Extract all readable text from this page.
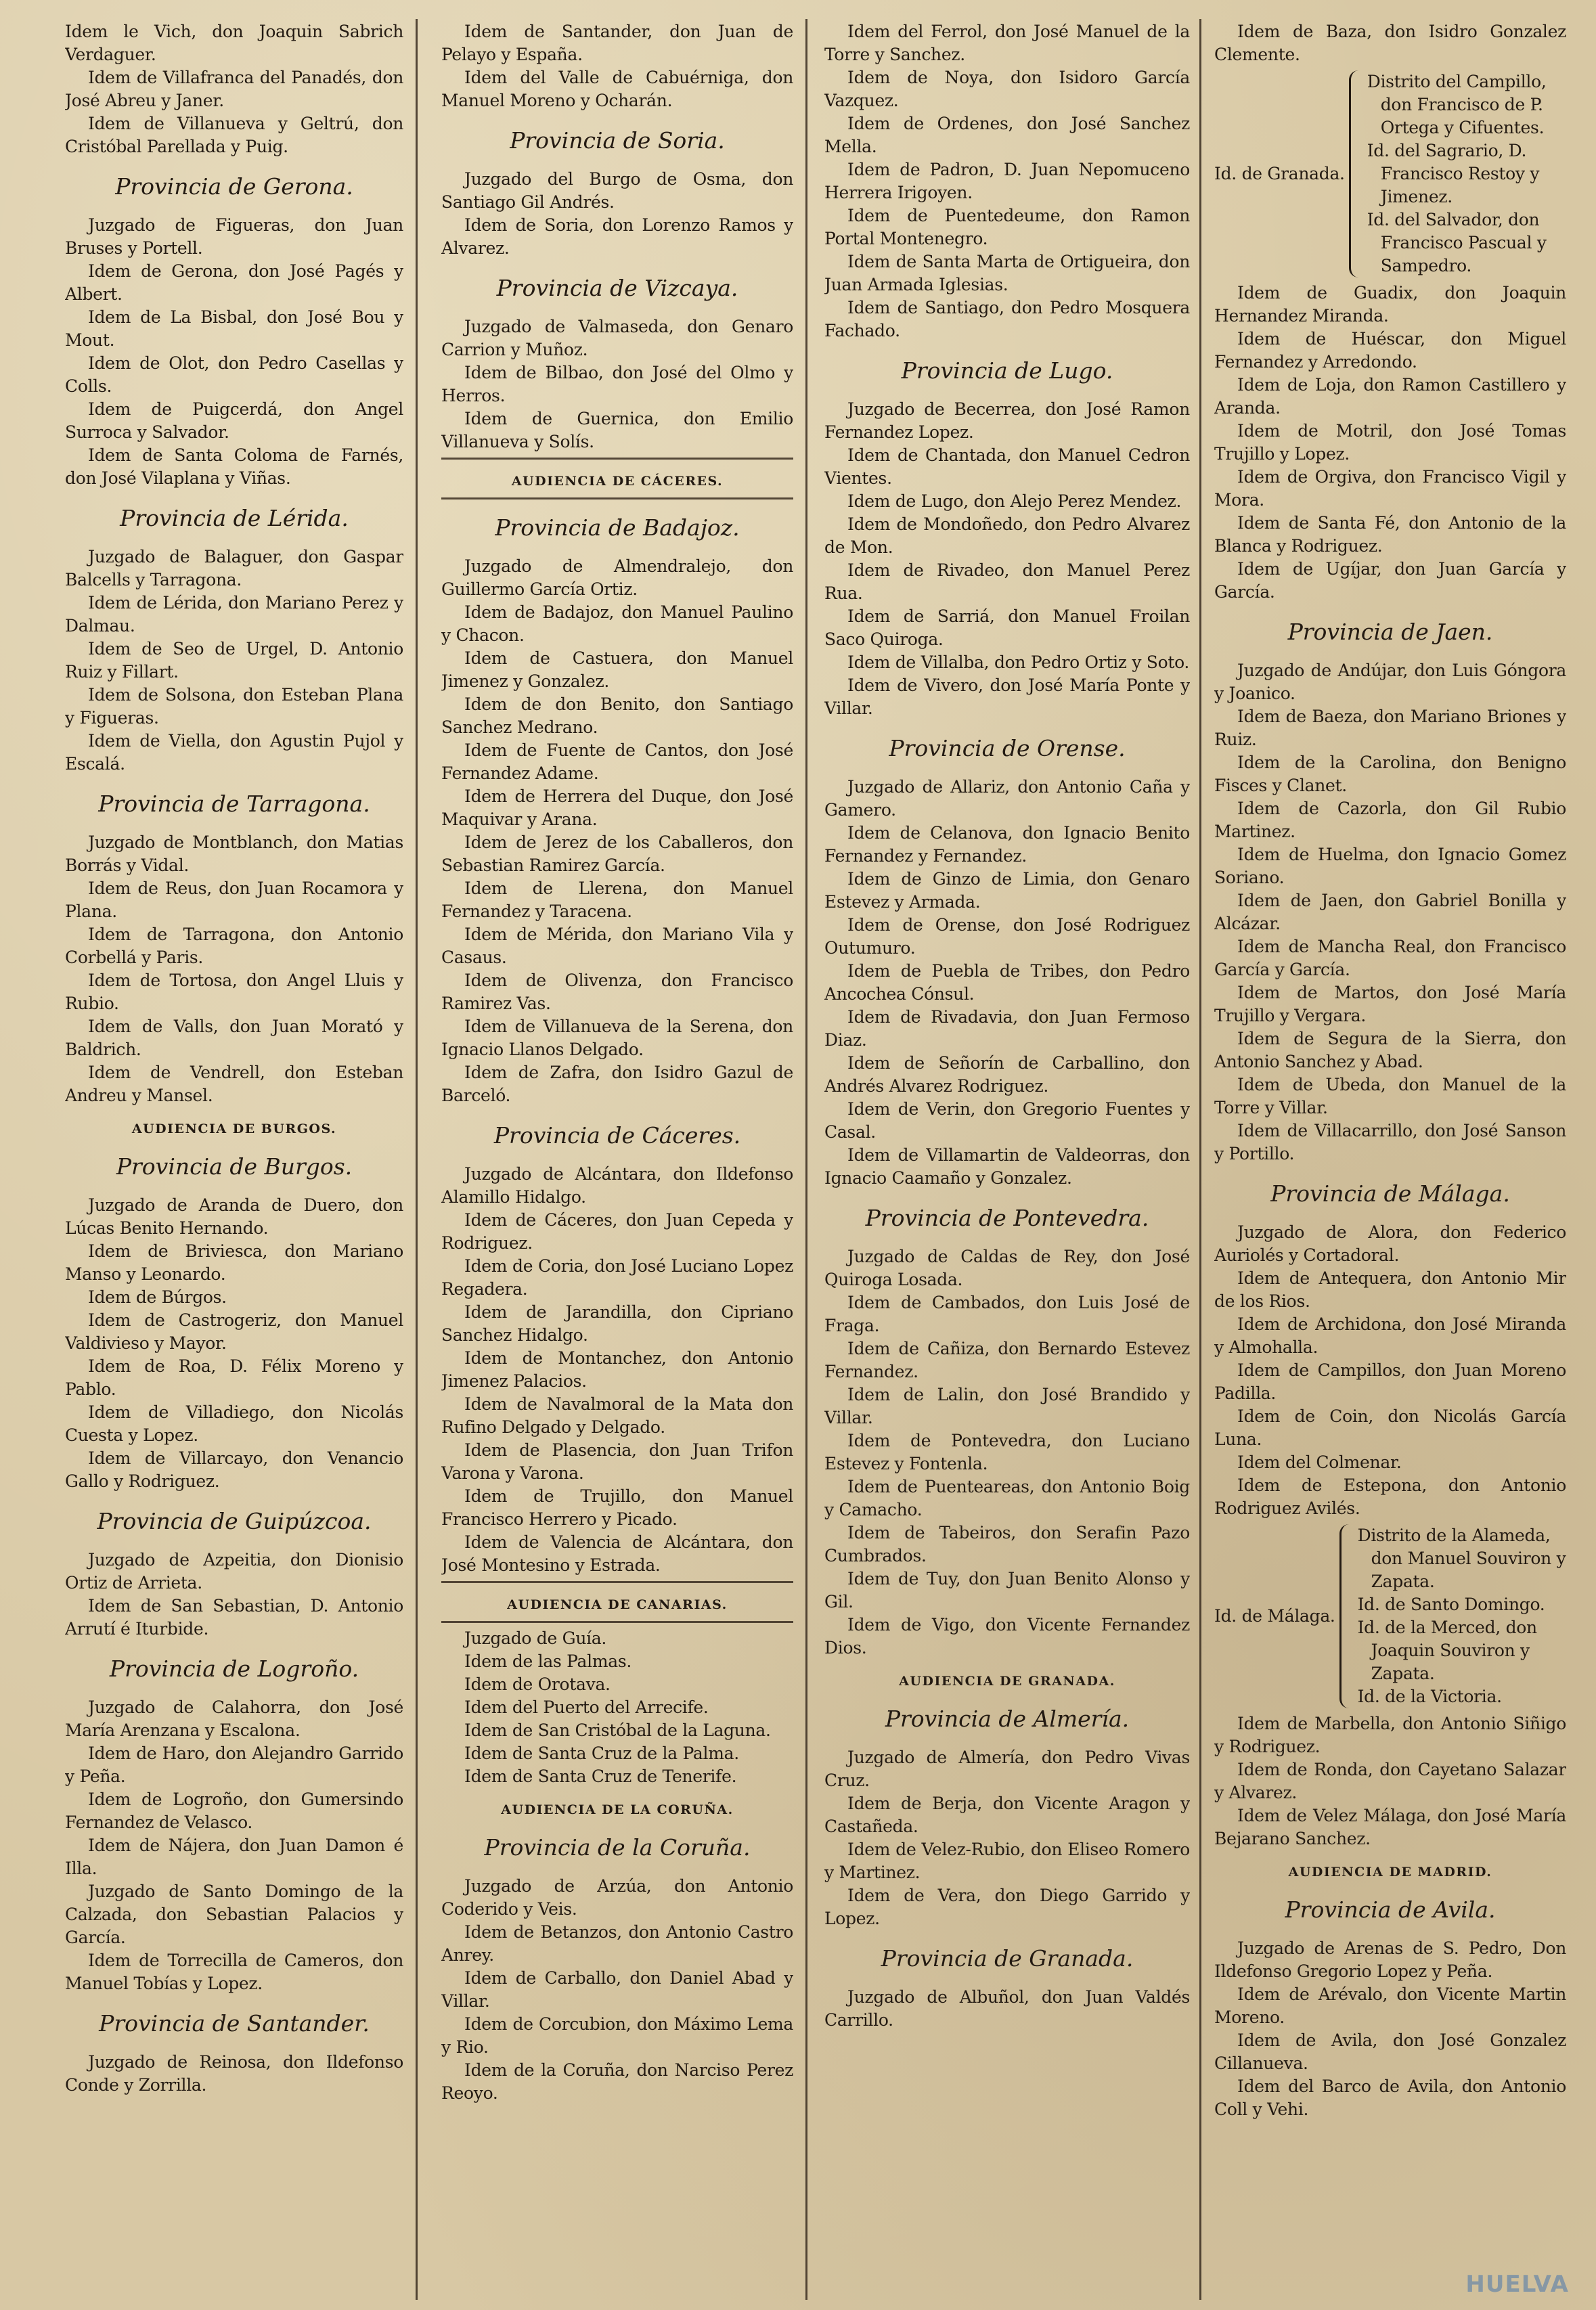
Idem le Vich, don Joaquin Sabrich Verdaguer.

Idem de Villafranca del Panadés, don José Abreu y Janer.

Idem de Villanueva y Geltrú, don Cristóbal Parellada y Puig.

Provincia de Gerona.

Juzgado de Figueras, don Juan Bruses y Portell.

Idem de Gerona, don José Pagés y Albert.

Idem de La Bisbal, don José Bou y Mout.

Idem de Olot, don Pedro Casellas y Colls.

Idem de Puigcerdá, don Angel Surroca y Salvador.

Idem de Santa Coloma de Farnés, don José Vilaplana y Viñas.

Provincia de Lérida.

Juzgado de Balaguer, don Gaspar Balcells y Tarragona.

Idem de Lérida, don Mariano Perez y Dalmau.

Idem de Seo de Urgel, D. Antonio Ruiz y Fillart.

Idem de Solsona, don Esteban Plana y Figueras.

Idem de Viella, don Agustin Pujol y Escalá.

Provincia de Tarragona.

Juzgado de Montblanch, don Matias Borrás y Vidal.

Idem de Reus, don Juan Rocamora y Plana.

Idem de Tarragona, don Antonio Corbellá y Paris.

Idem de Tortosa, don Angel Lluis y Rubio.

Idem de Valls, don Juan Morató y Baldrich.

Idem de Vendrell, don Esteban Andreu y Mansel.

AUDIENCIA DE BURGOS.
Provincia de Burgos.

Juzgado de Aranda de Duero, don Lúcas Benito Hernando.

Idem de Briviesca, don Mariano Manso y Leonardo.

Idem de Búrgos.

Idem de Castrogeriz, don Manuel Valdivieso y Mayor.

Idem de Roa, D. Félix Moreno y Pablo.

Idem de Villadiego, don Nicolás Cuesta y Lopez.

Idem de Villarcayo, don Venancio Gallo y Rodriguez.

Provincia de Guipúzcoa.

Juzgado de Azpeitia, don Dionisio Ortiz de Arrieta.

Idem de San Sebastian, D. Antonio Arrutí é Iturbide.

Provincia de Logroño.

Juzgado de Calahorra, don José María Arenzana y Escalona.

Idem de Haro, don Alejandro Garrido y Peña.

Idem de Logroño, don Gumersindo Fernandez de Velasco.

Idem de Nájera, don Juan Damon é Illa.

Juzgado de Santo Domingo de la Calzada, don Sebastian Palacios y García.

Idem de Torrecilla de Cameros, don Manuel Tobías y Lopez.

Provincia de Santander.

Juzgado de Reinosa, don Ildefonso Conde y Zorrilla.

Idem de Santander, don Juan de Pelayo y España.

Idem del Valle de Cabuérniga, don Manuel Moreno y Ocharán.

Provincia de Soria.

Juzgado del Burgo de Osma, don Santiago Gil Andrés.

Idem de Soria, don Lorenzo Ramos y Alvarez.

Provincia de Vizcaya.

Juzgado de Valmaseda, don Genaro Carrion y Muñoz.

Idem de Bilbao, don José del Olmo y Herros.

Idem de Guernica, don Emilio Villanueva y Solís.

AUDIENCIA DE CÁCERES.
Provincia de Badajoz.

Juzgado de Almendralejo, don Guillermo García Ortiz.

Idem de Badajoz, don Manuel Paulino y Chacon.

Idem de Castuera, don Manuel Jimenez y Gonzalez.

Idem de don Benito, don Santiago Sanchez Medrano.

Idem de Fuente de Cantos, don José Fernandez Adame.

Idem de Herrera del Duque, don José Maquivar y Arana.

Idem de Jerez de los Caballeros, don Sebastian Ramirez García.

Idem de Llerena, don Manuel Fernandez y Taracena.

Idem de Mérida, don Mariano Vila y Casaus.

Idem de Olivenza, don Francisco Ramirez Vas.

Idem de Villanueva de la Serena, don Ignacio Llanos Delgado.

Idem de Zafra, don Isidro Gazul de Barceló.

Provincia de Cáceres.

Juzgado de Alcántara, don Ildefonso Alamillo Hidalgo.

Idem de Cáceres, don Juan Cepeda y Rodriguez.

Idem de Coria, don José Luciano Lopez Regadera.

Idem de Jarandilla, don Cipriano Sanchez Hidalgo.

Idem de Montanchez, don Antonio Jimenez Palacios.

Idem de Navalmoral de la Mata don Rufino Delgado y Delgado.

Idem de Plasencia, don Juan Trifon Varona y Varona.

Idem de Trujillo, don Manuel Francisco Herrero y Picado.

Idem de Valencia de Alcántara, don José Montesino y Estrada.

AUDIENCIA DE CANARIAS.

Juzgado de Guía.

Idem de las Palmas.

Idem de Orotava.

Idem del Puerto del Arrecife.

Idem de San Cristóbal de la Laguna.

Idem de Santa Cruz de la Palma.

Idem de Santa Cruz de Tenerife.

AUDIENCIA DE LA CORUÑA.
Provincia de la Coruña.

Juzgado de Arzúa, don Antonio Coderido y Veis.

Idem de Betanzos, don Antonio Castro Anrey.

Idem de Carballo, don Daniel Abad y Villar.

Idem de Corcubion, don Máximo Lema y Rio.

Idem de la Coruña, don Narciso Perez Reoyo.

Idem del Ferrol, don José Manuel de la Torre y Sanchez.

Idem de Noya, don Isidoro García Vazquez.

Idem de Ordenes, don José Sanchez Mella.

Idem de Padron, D. Juan Nepomuceno Herrera Irigoyen.

Idem de Puentedeume, don Ramon Portal Montenegro.

Idem de Santa Marta de Ortigueira, don Juan Armada Iglesias.

Idem de Santiago, don Pedro Mosquera Fachado.

Provincia de Lugo.

Juzgado de Becerrea, don José Ramon Fernandez Lopez.

Idem de Chantada, don Manuel Cedron Vientes.

Idem de Lugo, don Alejo Perez Mendez.

Idem de Mondoñedo, don Pedro Alvarez de Mon.

Idem de Rivadeo, don Manuel Perez Rua.

Idem de Sarriá, don Manuel Froilan Saco Quiroga.

Idem de Villalba, don Pedro Ortiz y Soto.

Idem de Vivero, don José María Ponte y Villar.

Provincia de Orense.

Juzgado de Allariz, don Antonio Caña y Gamero.

Idem de Celanova, don Ignacio Benito Fernandez y Fernandez.

Idem de Ginzo de Limia, don Genaro Estevez y Armada.

Idem de Orense, don José Rodriguez Outumuro.

Idem de Puebla de Tribes, don Pedro Ancochea Cónsul.

Idem de Rivadavia, don Juan Fermoso Diaz.

Idem de Señorín de Carballino, don Andrés Alvarez Rodriguez.

Idem de Verin, don Gregorio Fuentes y Casal.

Idem de Villamartin de Valdeorras, don Ignacio Caamaño y Gonzalez.

Provincia de Pontevedra.

Juzgado de Caldas de Rey, don José Quiroga Losada.

Idem de Cambados, don Luis José de Fraga.

Idem de Cañiza, don Bernardo Estevez Fernandez.

Idem de Lalin, don José Brandido y Villar.

Idem de Pontevedra, don Luciano Estevez y Fontenla.

Idem de Puenteareas, don Antonio Boig y Camacho.

Idem de Tabeiros, don Serafin Pazo Cumbrados.

Idem de Tuy, don Juan Benito Alonso y Gil.

Idem de Vigo, don Vicente Fernandez Dios.

AUDIENCIA DE GRANADA.
Provincia de Almería.

Juzgado de Almería, don Pedro Vivas Cruz.

Idem de Berja, don Vicente Aragon y Castañeda.

Idem de Velez-Rubio, don Eliseo Romero y Martinez.

Idem de Vera, don Diego Garrido y Lopez.

Provincia de Granada.

Juzgado de Albuñol, don Juan Valdés Carrillo.

Idem de Baza, don Isidro Gonzalez Clemente.

Id. de Granada.

Distrito del Campillo, don Francisco de P. Ortega y Cifuentes.

Id. del Sagrario, D. Francisco Restoy y Jimenez.

Id. del Salvador, don Francisco Pascual y Sampedro.

Idem de Guadix, don Joaquin Hernandez Miranda.

Idem de Huéscar, don Miguel Fernandez y Arredondo.

Idem de Loja, don Ramon Castillero y Aranda.

Idem de Motril, don José Tomas Trujillo y Lopez.

Idem de Orgiva, don Francisco Vigil y Mora.

Idem de Santa Fé, don Antonio de la Blanca y Rodriguez.

Idem de Ugíjar, don Juan García y García.

Provincia de Jaen.

Juzgado de Andújar, don Luis Góngora y Joanico.

Idem de Baeza, don Mariano Briones y Ruiz.

Idem de la Carolina, don Benigno Fisces y Clanet.

Idem de Cazorla, don Gil Rubio Martinez.

Idem de Huelma, don Ignacio Gomez Soriano.

Idem de Jaen, don Gabriel Bonilla y Alcázar.

Idem de Mancha Real, don Francisco García y García.

Idem de Martos, don José María Trujillo y Vergara.

Idem de Segura de la Sierra, don Antonio Sanchez y Abad.

Idem de Ubeda, don Manuel de la Torre y Villar.

Idem de Villacarrillo, don José Sanson y Portillo.

Provincia de Málaga.

Juzgado de Alora, don Federico Auriolés y Cortadoral.

Idem de Antequera, don Antonio Mir de los Rios.

Idem de Archidona, don José Miranda y Almohalla.

Idem de Campillos, don Juan Moreno Padilla.

Idem de Coin, don Nicolás García Luna.

Idem del Colmenar.

Idem de Estepona, don Antonio Rodriguez Avilés.

Id. de Málaga.

Distrito de la Alameda, don Manuel Souviron y Zapata.

Id. de Santo Domingo.

Id. de la Merced, don Joaquin Souviron y Zapata.

Id. de la Victoria.

Idem de Marbella, don Antonio Siñigo y Rodriguez.

Idem de Ronda, don Cayetano Salazar y Alvarez.

Idem de Velez Málaga, don José María Bejarano Sanchez.

AUDIENCIA DE MADRID.
Provincia de Avila.

Juzgado de Arenas de S. Pedro, Don Ildefonso Gregorio Lopez y Peña.

Idem de Arévalo, don Vicente Martin Moreno.

Idem de Avila, don José Gonzalez Cillanueva.

Idem del Barco de Avila, don Antonio Coll y Vehi.

HUELVA
